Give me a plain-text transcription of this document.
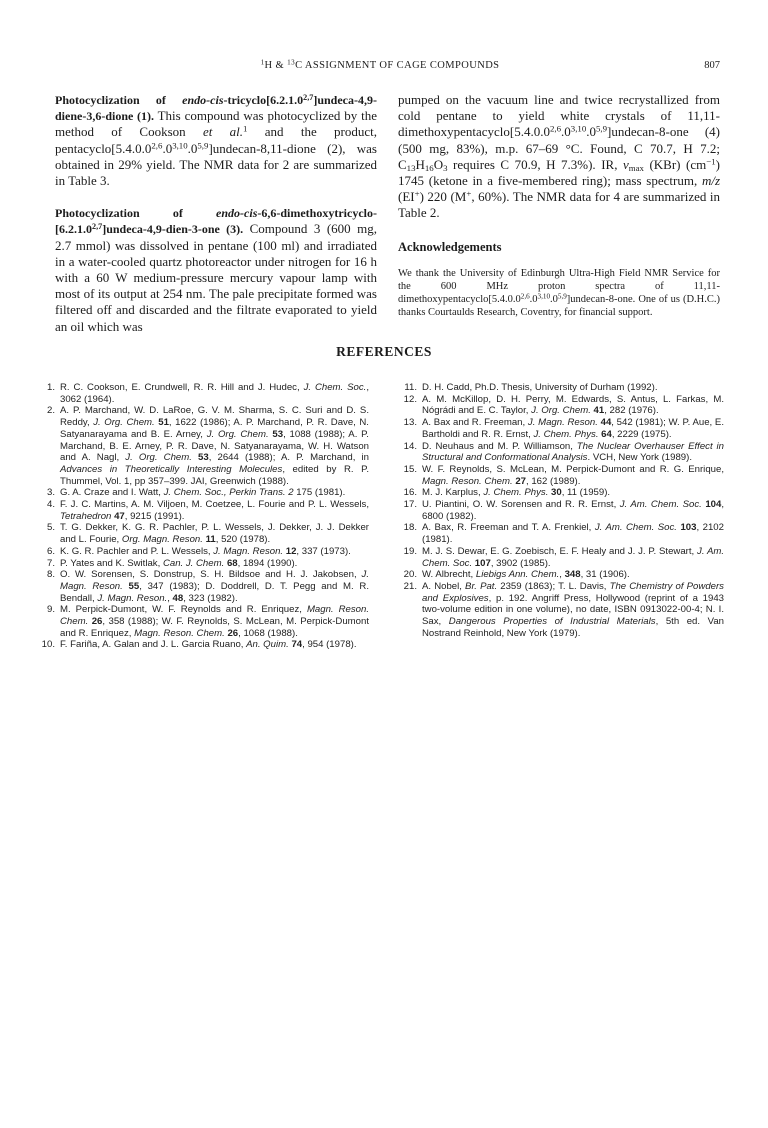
$^1$H & $^{13}$C ASSIGNMENT OF CAGE COMPOUNDS	807

Photocyclization of endo-cis-tricyclo[6.2.1.0$^{2,7}$]undeca-4,9-diene-3,6-dione (1). This compound was photocyclized by the method of Cookson et al.$^1$ and the product, pentacyclo[5.4.0.0$^{2,6}$.0$^{3,10}$.0$^{5,9}$]undecan-8,11-dione (2), was obtained in 29% yield. The NMR data for 2 are summarized in Table 3.

Photocyclization of endo-cis-6,6-dimethoxytricyclo-[6.2.1.0$^{2,7}$]undeca-4,9-dien-3-one (3). Compound 3 (600 mg, 2.7 mmol) was dissolved in pentane (100 ml) and irradiated in a water-cooled quartz photoreactor under nitrogen for 16 h with a 60 W medium-pressure mercury vapour lamp with most of its output at 254 nm. The pale precipitate formed was filtered off and discarded and the filtrate evaporated to yield an oil which was

pumped on the vacuum line and twice recrystallized from cold pentane to yield white crystals of 11,11-dimethoxypentacyclo[5.4.0.0$^{2,6}$.0$^{3,10}$.0$^{5,9}$]undecan-8-one (4) (500 mg, 83%), m.p. 67–69 °C. Found, C 70.7, H 7.2; $C_{13}H_{16}O_3$ requires C 70.9, H 7.3%). IR, $\nu_{max}$ (KBr) $(cm^{-1})$ 1745 (ketone in a five-membered ring); mass spectrum, m/z (EI+) 220 (M+, 60%). The NMR data for 4 are summarized in Table 2.

Acknowledgements

We thank the University of Edinburgh Ultra-High Field NMR Service for the 600 MHz proton spectra of 11,11-dimethoxypentacyclo[5.4.0.0$^{2,6}$.0$^{3,10}$.0$^{5,9}$]undecan-8-one. One of us (D.H.C.) thanks Courtaulds Research, Coventry, for financial support.

REFERENCES
1. R. C. Cookson, E. Crundwell, R. R. Hill and J. Hudec, J. Chem. Soc., 3062 (1964).
2. A. P. Marchand, W. D. LaRoe, G. V. M. Sharma, S. C. Suri and D. S. Reddy, J. Org. Chem. 51, 1622 (1986); A. P. Marchand, P. R. Dave, N. Satyanarayama and B. E. Arney, J. Org. Chem. 53, 1088 (1988); A. P. Marchand, B. E. Arney, P. R. Dave, N. Satyanarayama, W. H. Watson and A. Nagl, J. Org. Chem. 53, 2644 (1988); A. P. Marchand, in Advances in Theoretically Interesting Molecules, edited by R. P. Thummel, Vol. 1, pp 357–399. JAI, Greenwich (1988).
3. G. A. Craze and I. Watt, J. Chem. Soc., Perkin Trans. 2 175 (1981).
4. F. J. C. Martins, A. M. Viljoen, M. Coetzee, L. Fourie and P. L. Wessels, Tetrahedron 47, 9215 (1991).
5. T. G. Dekker, K. G. R. Pachler, P. L. Wessels, J. Dekker, J. J. Dekker and L. Fourie, Org. Magn. Reson. 11, 520 (1978).
6. K. G. R. Pachler and P. L. Wessels, J. Magn. Reson. 12, 337 (1973).
7. P. Yates and K. Switlak, Can. J. Chem. 68, 1894 (1990).
8. O. W. Sorensen, S. Donstrup, S. H. Bildsoe and H. J. Jakobsen, J. Magn. Reson. 55, 347 (1983); D. Doddrell, D. T. Pegg and M. R. Bendall, J. Magn. Reson., 48, 323 (1982).
9. M. Perpick-Dumont, W. F. Reynolds and R. Enriquez, Magn. Reson. Chem. 26, 358 (1988); W. F. Reynolds, S. McLean, M. Perpick-Dumont and R. Enriquez, Magn. Reson. Chem. 26, 1068 (1988).
10. F. Fariña, A. Galan and J. L. Garcia Ruano, An. Quim. 74, 954 (1978).
11. D. H. Cadd, Ph.D. Thesis, University of Durham (1992).
12. A. M. McKillop, D. H. Perry, M. Edwards, S. Antus, L. Farkas, M. Nógrádi and E. C. Taylor, J. Org. Chem. 41, 282 (1976).
13. A. Bax and R. Freeman, J. Magn. Reson. 44, 542 (1981); W. P. Aue, E. Bartholdi and R. R. Ernst, J. Chem. Phys. 64, 2229 (1975).
14. D. Neuhaus and M. P. Williamson, The Nuclear Overhauser Effect in Structural and Conformational Analysis. VCH, New York (1989).
15. W. F. Reynolds, S. McLean, M. Perpick-Dumont and R. G. Enrique, Magn. Reson. Chem. 27, 162 (1989).
16. M. J. Karplus, J. Chem. Phys. 30, 11 (1959).
17. U. Piantini, O. W. Sorensen and R. R. Ernst, J. Am. Chem. Soc. 104, 6800 (1982).
18. A. Bax, R. Freeman and T. A. Frenkiel, J. Am. Chem. Soc. 103, 2102 (1981).
19. M. J. S. Dewar, E. G. Zoebisch, E. F. Healy and J. J. P. Stewart, J. Am. Chem. Soc. 107, 3902 (1985).
20. W. Albrecht, Liebigs Ann. Chem., 348, 31 (1906).
21. A. Nobel, Br. Pat. 2359 (1863); T. L. Davis, The Chemistry of Powders and Explosives, p. 192. Angriff Press, Hollywood (reprint of a 1943 two-volume edition in one volume), no date, ISBN 0913022-00-4; N. I. Sax, Dangerous Properties of Industrial Materials, 5th ed. Van Nostrand Reinhold, New York (1979).
